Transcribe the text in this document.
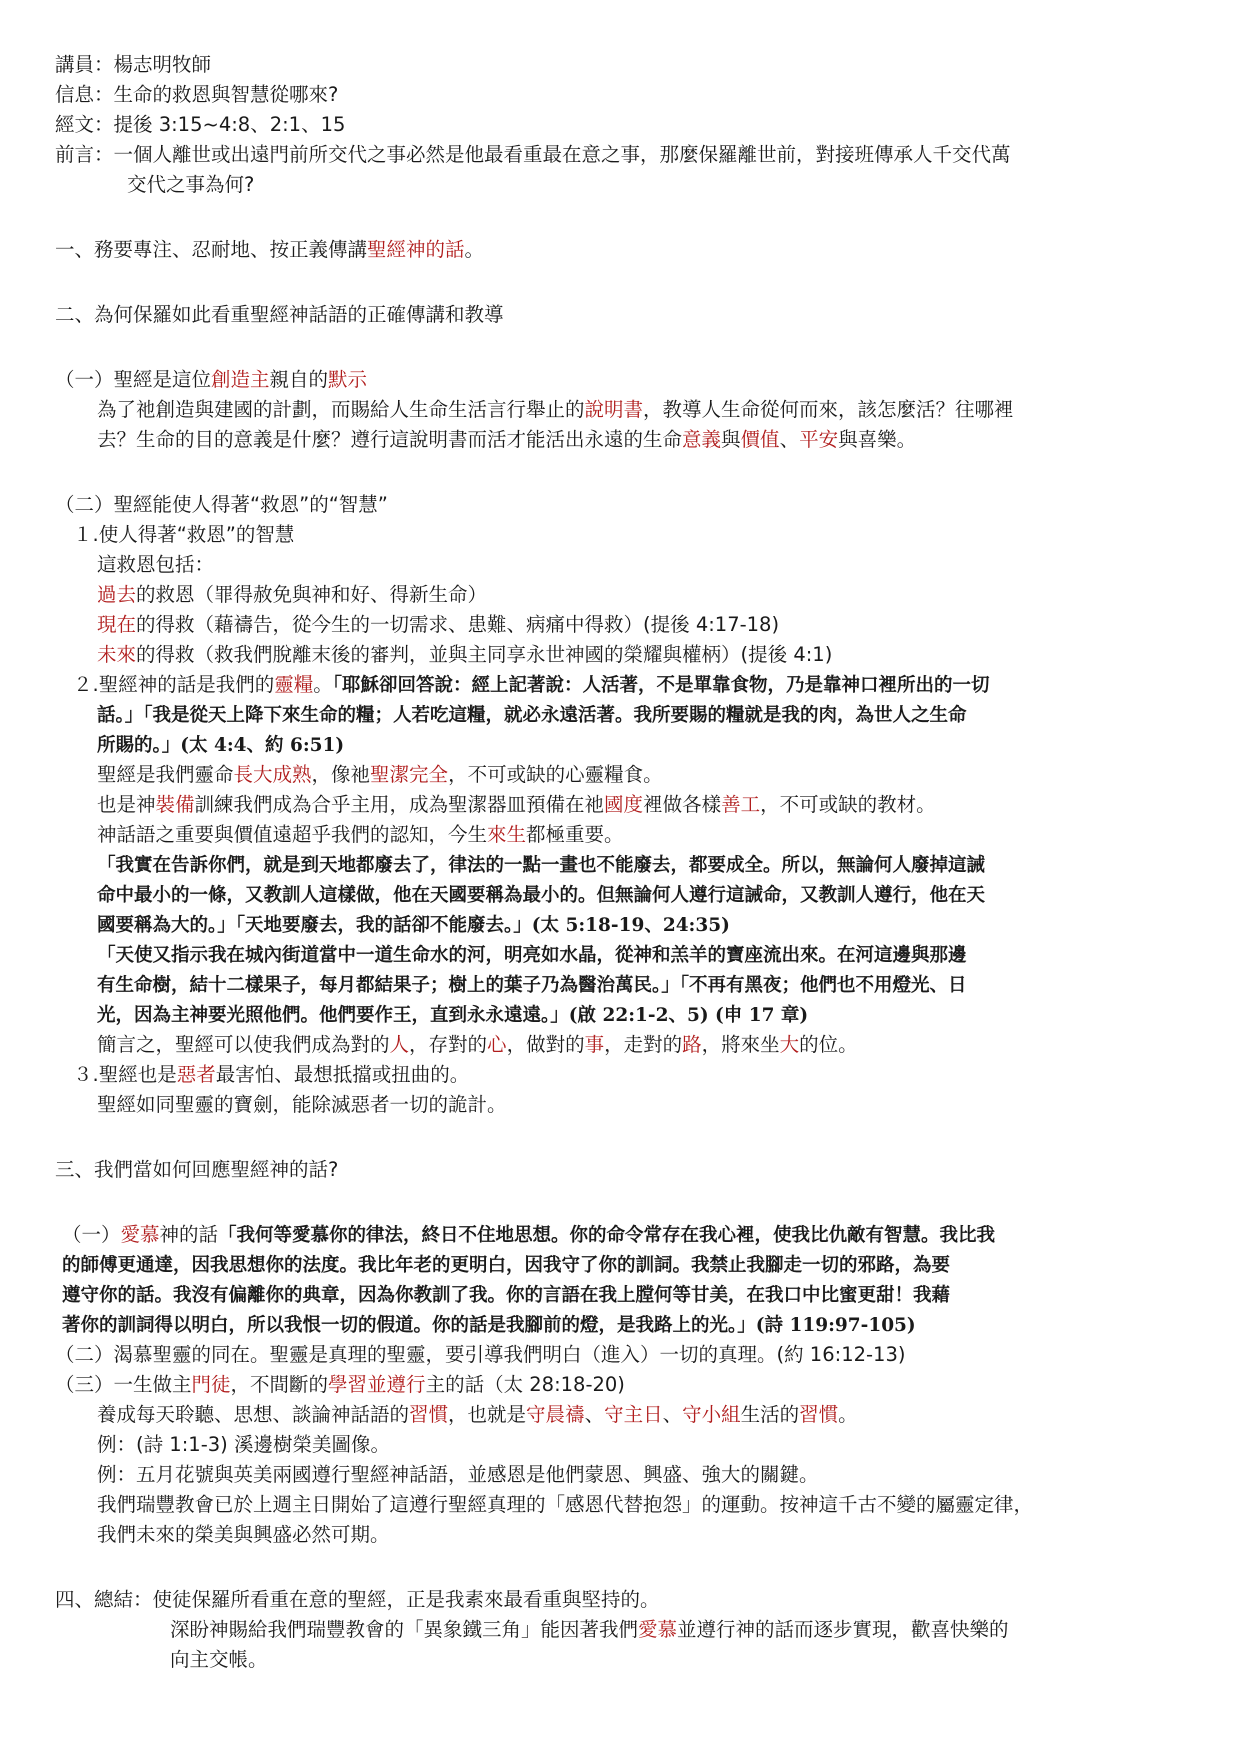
講員：楊志明牧師
信息：生命的救恩與智慧從哪來?
經文：提後 3:15~4:8、2:1、15
前言：一個人離世或出遠門前所交代之事必然是他最看重最在意之事，那麼保羅離世前，對接班傳承人千交代萬
交代之事為何?
一、務要專注、忍耐地、按正義傳講聖經神的話。
二、為何保羅如此看重聖經神話語的正確傳講和教導
（一）聖經是這位創造主親自的默示
為了祂創造與建國的計劃，而賜給人生命生活言行舉止的說明書，教導人生命從何而來，該怎麼活？往哪裡
去？生命的目的意義是什麼？遵行這說明書而活才能活出永遠的生命意義與價值、平安與喜樂。
（二）聖經能使人得著“救恩”的“智慧”
１.使人得著“救恩”的智慧
這救恩包括：
過去的救恩（罪得赦免與神和好、得新生命）
現在的得救（藉禱告，從今生的一切需求、患難、病痛中得救）(提後 4:17-18)
未來的得救（救我們脫離末後的審判，並與主同享永世神國的榮耀與權柄）(提後 4:1)
２.聖經神的話是我們的靈糧。「耶穌卻回答說：經上記著說：人活著，不是單靠食物，乃是靠神口裡所出的一切
話。」「我是從天上降下來生命的糧；人若吃這糧，就必永遠活著。我所要賜的糧就是我的肉，為世人之生命
所賜的。」(太 4:4、約 6:51)
聖經是我們靈命長大成熟，像祂聖潔完全，不可或缺的心靈糧食。
也是神裝備訓練我們成為合乎主用，成為聖潔器皿預備在祂國度裡做各樣善工，不可或缺的教材。
神話語之重要與價值遠超乎我們的認知，今生來生都極重要。
「我實在告訴你們，就是到天地都廢去了，律法的一點一畫也不能廢去，都要成全。所以，無論何人廢掉這誡
命中最小的一條，又教訓人這樣做，他在天國要稱為最小的。但無論何人遵行這誡命，又教訓人遵行，他在天
國要稱為大的。」「天地要廢去，我的話卻不能廢去。」(太 5:18-19、24:35)
「天使又指示我在城內街道當中一道生命水的河，明亮如水晶，從神和羔羊的寶座流出來。在河這邊與那邊
有生命樹，結十二樣果子，每月都結果子；樹上的葉子乃為醫治萬民。」「不再有黑夜；他們也不用燈光、日
光，因為主神要光照他們。他們要作王，直到永永遠遠。」(啟 22:1-2、5) (申 17 章)
簡言之，聖經可以使我們成為對的人，存對的心，做對的事，走對的路，將來坐大的位。
３.聖經也是惡者最害怕、最想抵擋或扭曲的。
聖經如同聖靈的寶劍，能除滅惡者一切的詭計。
三、我們當如何回應聖經神的話?
（一）愛慕神的話「我何等愛慕你的律法，終日不住地思想。你的命令常存在我心裡，使我比仇敵有智慧。我比我
的師傅更通達，因我思想你的法度。我比年老的更明白，因我守了你的訓詞。我禁止我腳走一切的邪路，為要
遵守你的話。我沒有偏離你的典章，因為你教訓了我。你的言語在我上膛何等甘美，在我口中比蜜更甜！我藉
著你的訓詞得以明白，所以我恨一切的假道。你的話是我腳前的燈，是我路上的光。」(詩 119:97-105)
（二）渴慕聖靈的同在。聖靈是真理的聖靈，要引導我們明白（進入）一切的真理。(約 16:12-13)
（三）一生做主門徒，不間斷的學習並遵行主的話（太 28:18-20)
養成每天聆聽、思想、談論神話語的習慣，也就是守晨禱、守主日、守小組生活的習慣。
例：(詩 1:1-3) 溪邊樹榮美圖像。
例：五月花號與英美兩國遵行聖經神話語，並感恩是他們蒙恩、興盛、強大的關鍵。
我們瑞豐教會已於上週主日開始了這遵行聖經真理的「感恩代替抱怨」的運動。按神這千古不變的屬靈定律，
我們未來的榮美與興盛必然可期。
四、總結：使徒保羅所看重在意的聖經，正是我素來最看重與堅持的。
深盼神賜給我們瑞豐教會的「異象鐵三角」能因著我們愛慕並遵行神的話而逐步實現，歡喜快樂的
向主交帳。
